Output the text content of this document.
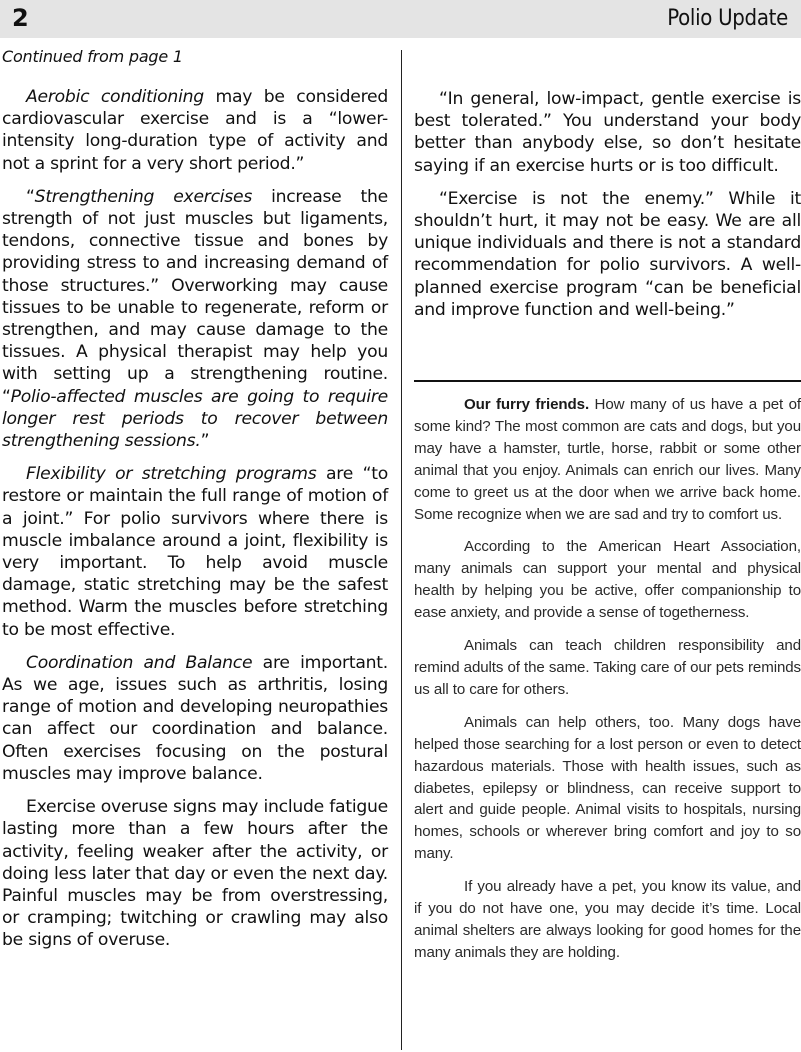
2	Polio Update
Continued from page 1

Aerobic conditioning may be considered cardiovascular exercise and is a “lower-intensity long-duration type of activity and not a sprint for a very short period.”

“Strengthening exercises increase the strength of not just muscles but ligaments, tendons, connective tissue and bones by providing stress to and increasing demand of those structures.” Overworking may cause tissues to be unable to regenerate, reform or strengthen, and may cause damage to the tissues. A physical therapist may help you with setting up a strengthening routine. “Polio-affected muscles are going to require longer rest periods to recover between strengthening sessions.”

Flexibility or stretching programs are “to restore or maintain the full range of motion of a joint.” For polio survivors where there is muscle imbalance around a joint, flexibility is very important. To help avoid muscle damage, static stretching may be the safest method. Warm the muscles before stretching to be most effective.

Coordination and Balance are important. As we age, issues such as arthritis, losing range of motion and developing neuropathies can affect our coordination and balance. Often exercises focusing on the postural muscles may improve balance.

Exercise overuse signs may include fatigue lasting more than a few hours after the activity, feeling weaker after the activity, or doing less later that day or even the next day. Painful muscles may be from overstressing, or cramping; twitching or crawling may also be signs of overuse.

“In general, low-impact, gentle exercise is best tolerated.” You understand your body better than anybody else, so don’t hesitate saying if an exercise hurts or is too difficult.

“Exercise is not the enemy.” While it shouldn’t hurt, it may not be easy. We are all unique individuals and there is not a standard recommendation for polio survivors. A well-planned exercise program “can be beneficial and improve function and well-being.”

Our furry friends. How many of us have a pet of some kind? The most common are cats and dogs, but you may have a hamster, turtle, horse, rabbit or some other animal that you enjoy. Animals can enrich our lives. Many come to greet us at the door when we arrive back home. Some recognize when we are sad and try to comfort us.

According to the American Heart Association, many animals can support your mental and physical health by helping you be active, offer companionship to ease anxiety, and provide a sense of togetherness.

Animals can teach children responsibility and remind adults of the same. Taking care of our pets reminds us all to care for others.

Animals can help others, too. Many dogs have helped those searching for a lost person or even to detect hazardous materials. Those with health issues, such as diabetes, epilepsy or blindness, can receive support to alert and guide people. Animal visits to hospitals, nursing homes, schools or wherever bring comfort and joy to so many.

If you already have a pet, you know its value, and if you do not have one, you may decide it’s time. Local animal shelters are always looking for good homes for the many animals they are holding.
